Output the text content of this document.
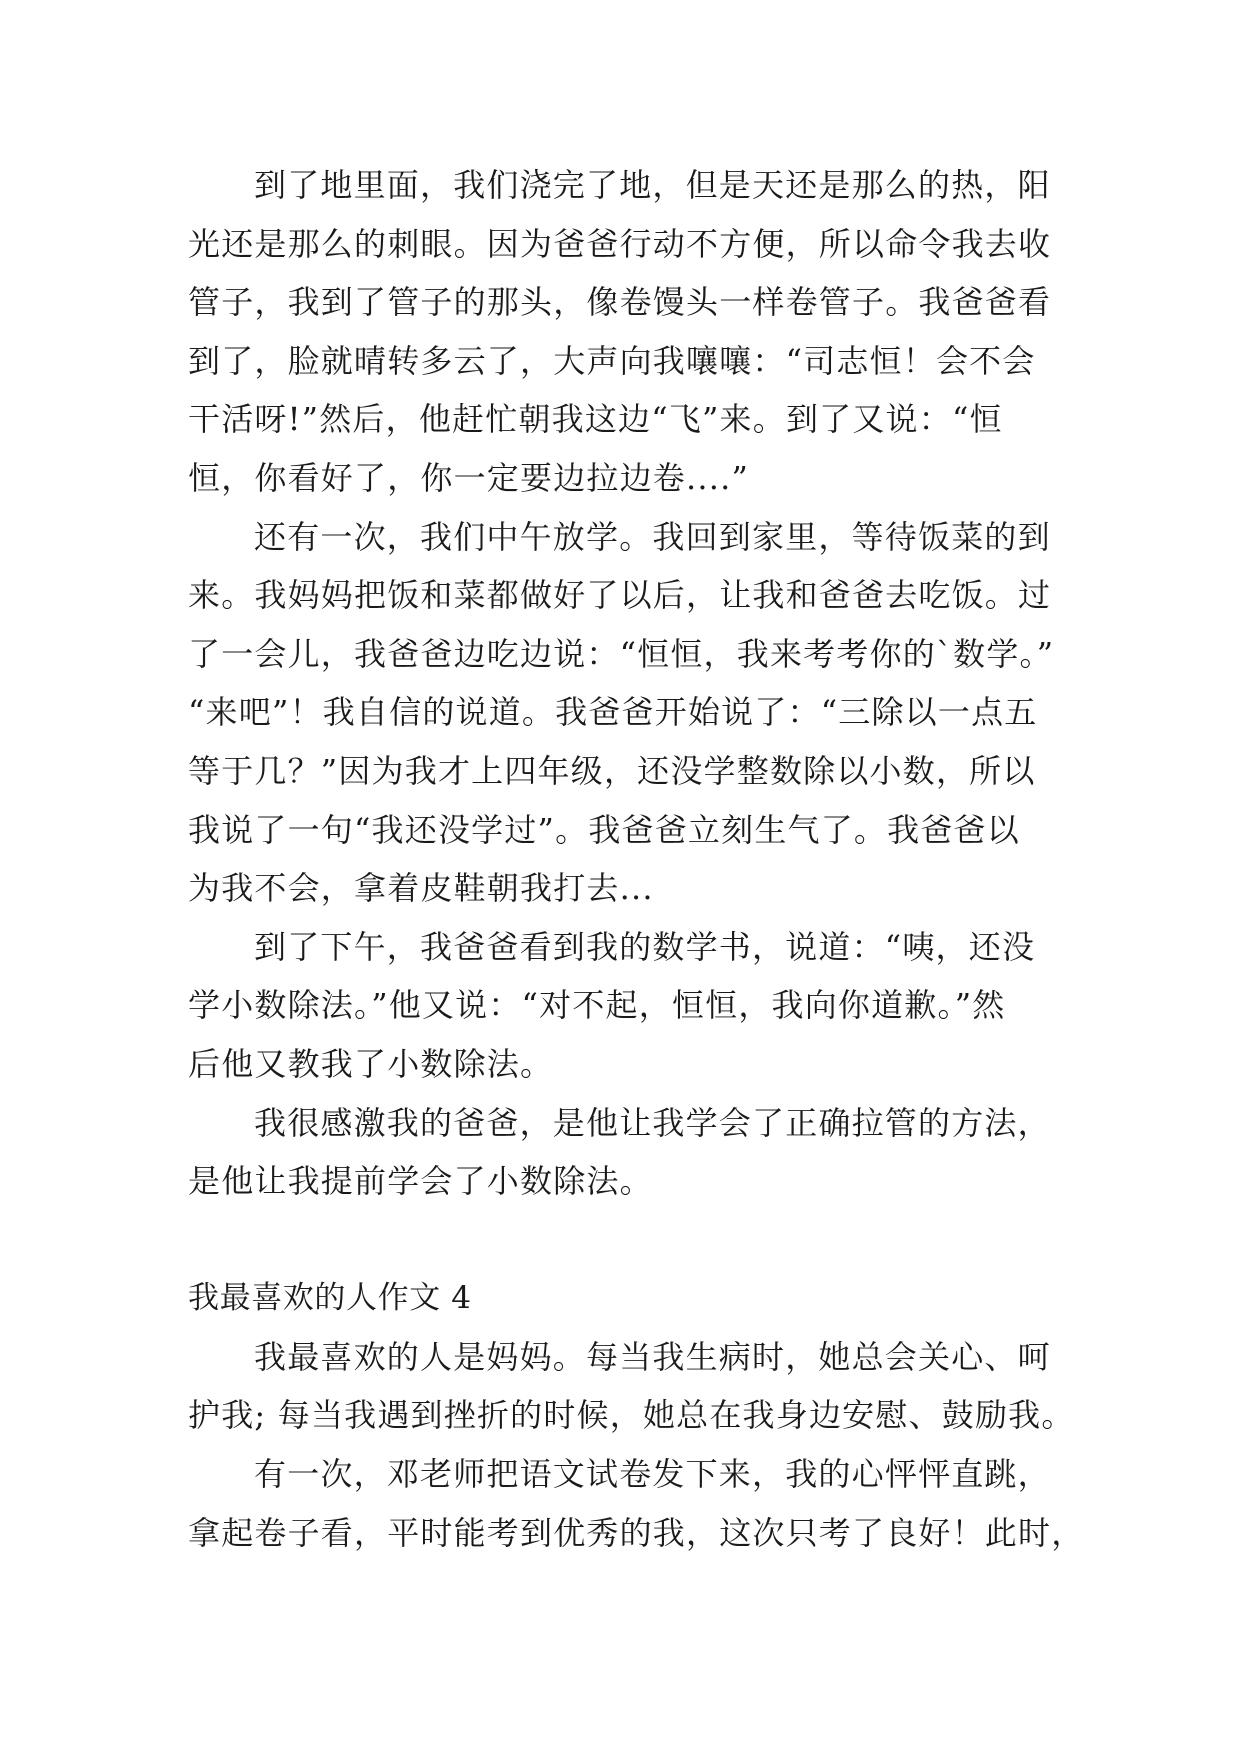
到了地里面，我们浇完了地，但是天还是那么的热，阳
光还是那么的刺眼。因为爸爸行动不方便，所以命令我去收
管子，我到了管子的那头，像卷馒头一样卷管子。我爸爸看
到了，脸就晴转多云了，大声向我嚷嚷：“司志恒！会不会
干活呀!”然后，他赶忙朝我这边“飞”来。到了又说：“恒
恒，你看好了，你一定要边拉边卷....”
还有一次，我们中午放学。我回到家里，等待饭菜的到
来。我妈妈把饭和菜都做好了以后，让我和爸爸去吃饭。过
了一会儿，我爸爸边吃边说：“恒恒，我来考考你的`数学。”
“来吧”！我自信的说道。我爸爸开始说了：“三除以一点五
等于几？”因为我才上四年级，还没学整数除以小数，所以
我说了一句“我还没学过”。我爸爸立刻生气了。我爸爸以
为我不会，拿着皮鞋朝我打去...
到了下午，我爸爸看到我的数学书，说道：“咦，还没
学小数除法。”他又说：“对不起，恒恒，我向你道歉。”然
后他又教我了小数除法。
我很感激我的爸爸，是他让我学会了正确拉管的方法，
是他让我提前学会了小数除法。
我最喜欢的人作文 4
我最喜欢的人是妈妈。每当我生病时，她总会关心、呵
护我; 每当我遇到挫折的时候，她总在我身边安慰、鼓励我。
有一次，邓老师把语文试卷发下来，我的心怦怦直跳，
拿起卷子看，平时能考到优秀的我，这次只考了良好！此时，
